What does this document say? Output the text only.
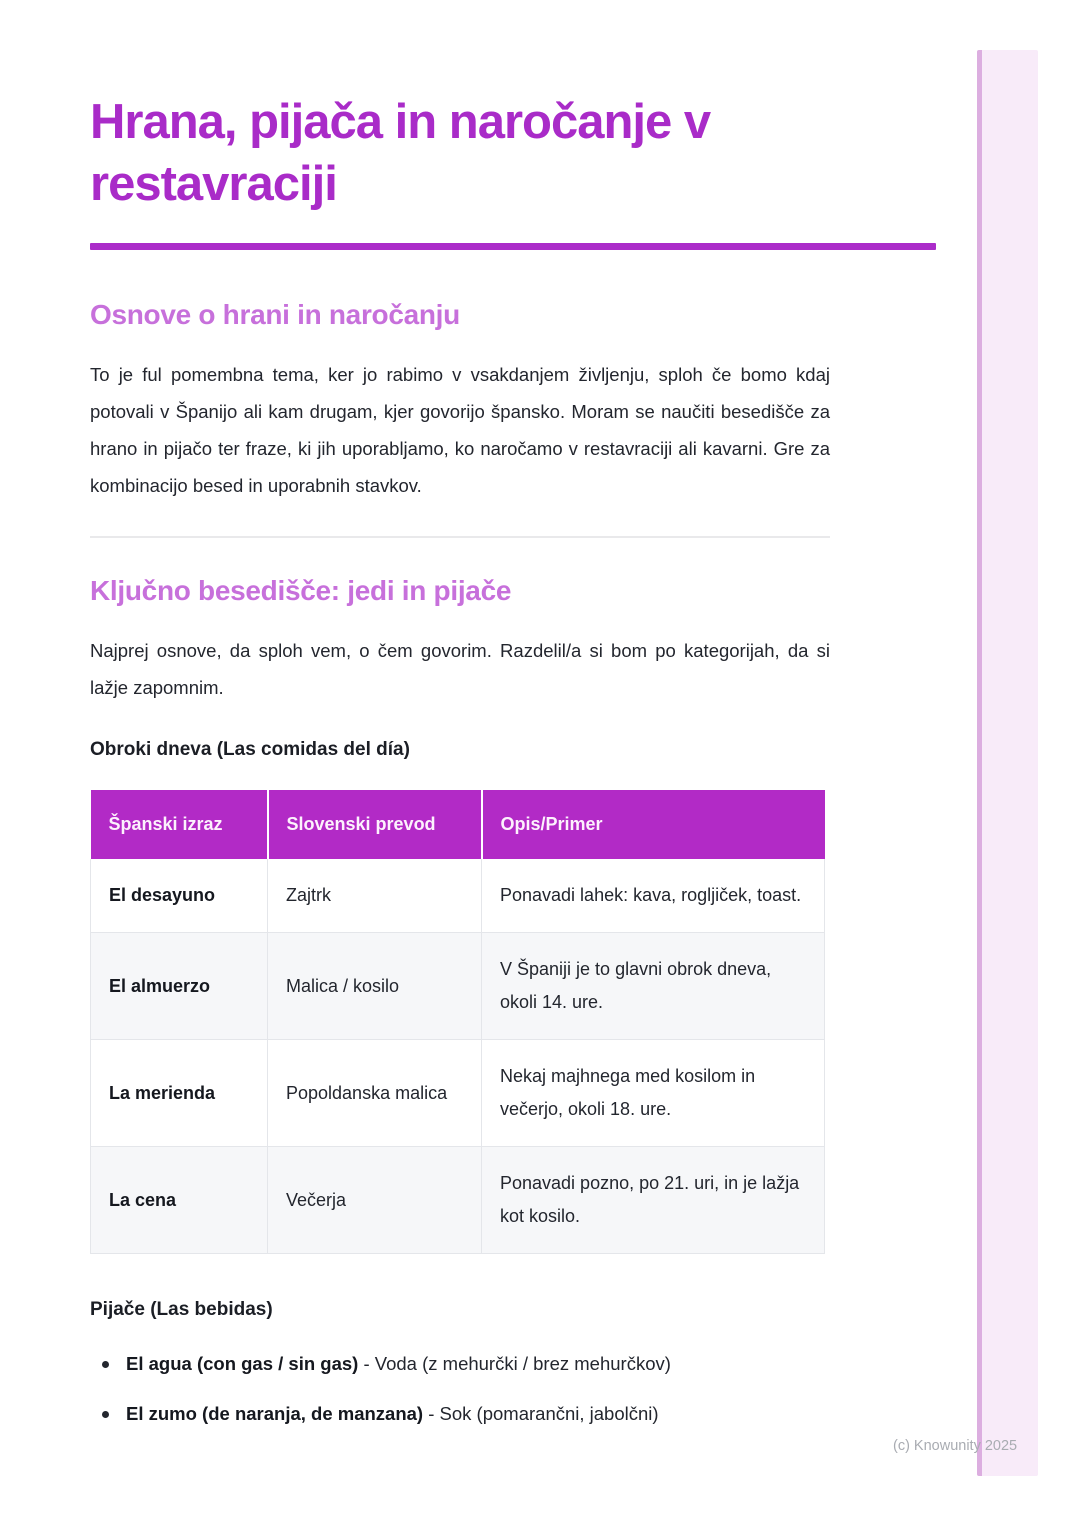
Hrana, pijača in naročanje v restavraciji
Osnove o hrani in naročanju

To je ful pomembna tema, ker jo rabimo v vsakdanjem življenju, sploh če bomo kdaj potovali v Španijo ali kam drugam, kjer govorijo špansko. Moram se naučiti besedišče za hrano in pijačo ter fraze, ki jih uporabljamo, ko naročamo v restavraciji ali kavarni. Gre za kombinacijo besed in uporabnih stavkov.

Ključno besedišče: jedi in pijače

Najprej osnove, da sploh vem, o čem govorim. Razdelil/a si bom po kategorijah, da si lažje zapomnim.

Obroki dneva (Las comidas del día)
Španski izraz	Slovenski prevod	Opis/Primer
El desayuno	Zajtrk	Ponavadi lahek: kava, rogljiček, toast.
El almuerzo	Malica / kosilo	V Španiji je to glavni obrok dneva, okoli 14. ure.
La merienda	Popoldanska malica	Nekaj majhnega med kosilom in večerjo, okoli 18. ure.
La cena	Večerja	Ponavadi pozno, po 21. uri, in je lažja kot kosilo.
Pijače (Las bebidas)
El agua (con gas / sin gas) - Voda (z mehurčki / brez mehurčkov)
El zumo (de naranja, de manzana) - Sok (pomarančni, jabolčni)
(c) Knowunity 2025
